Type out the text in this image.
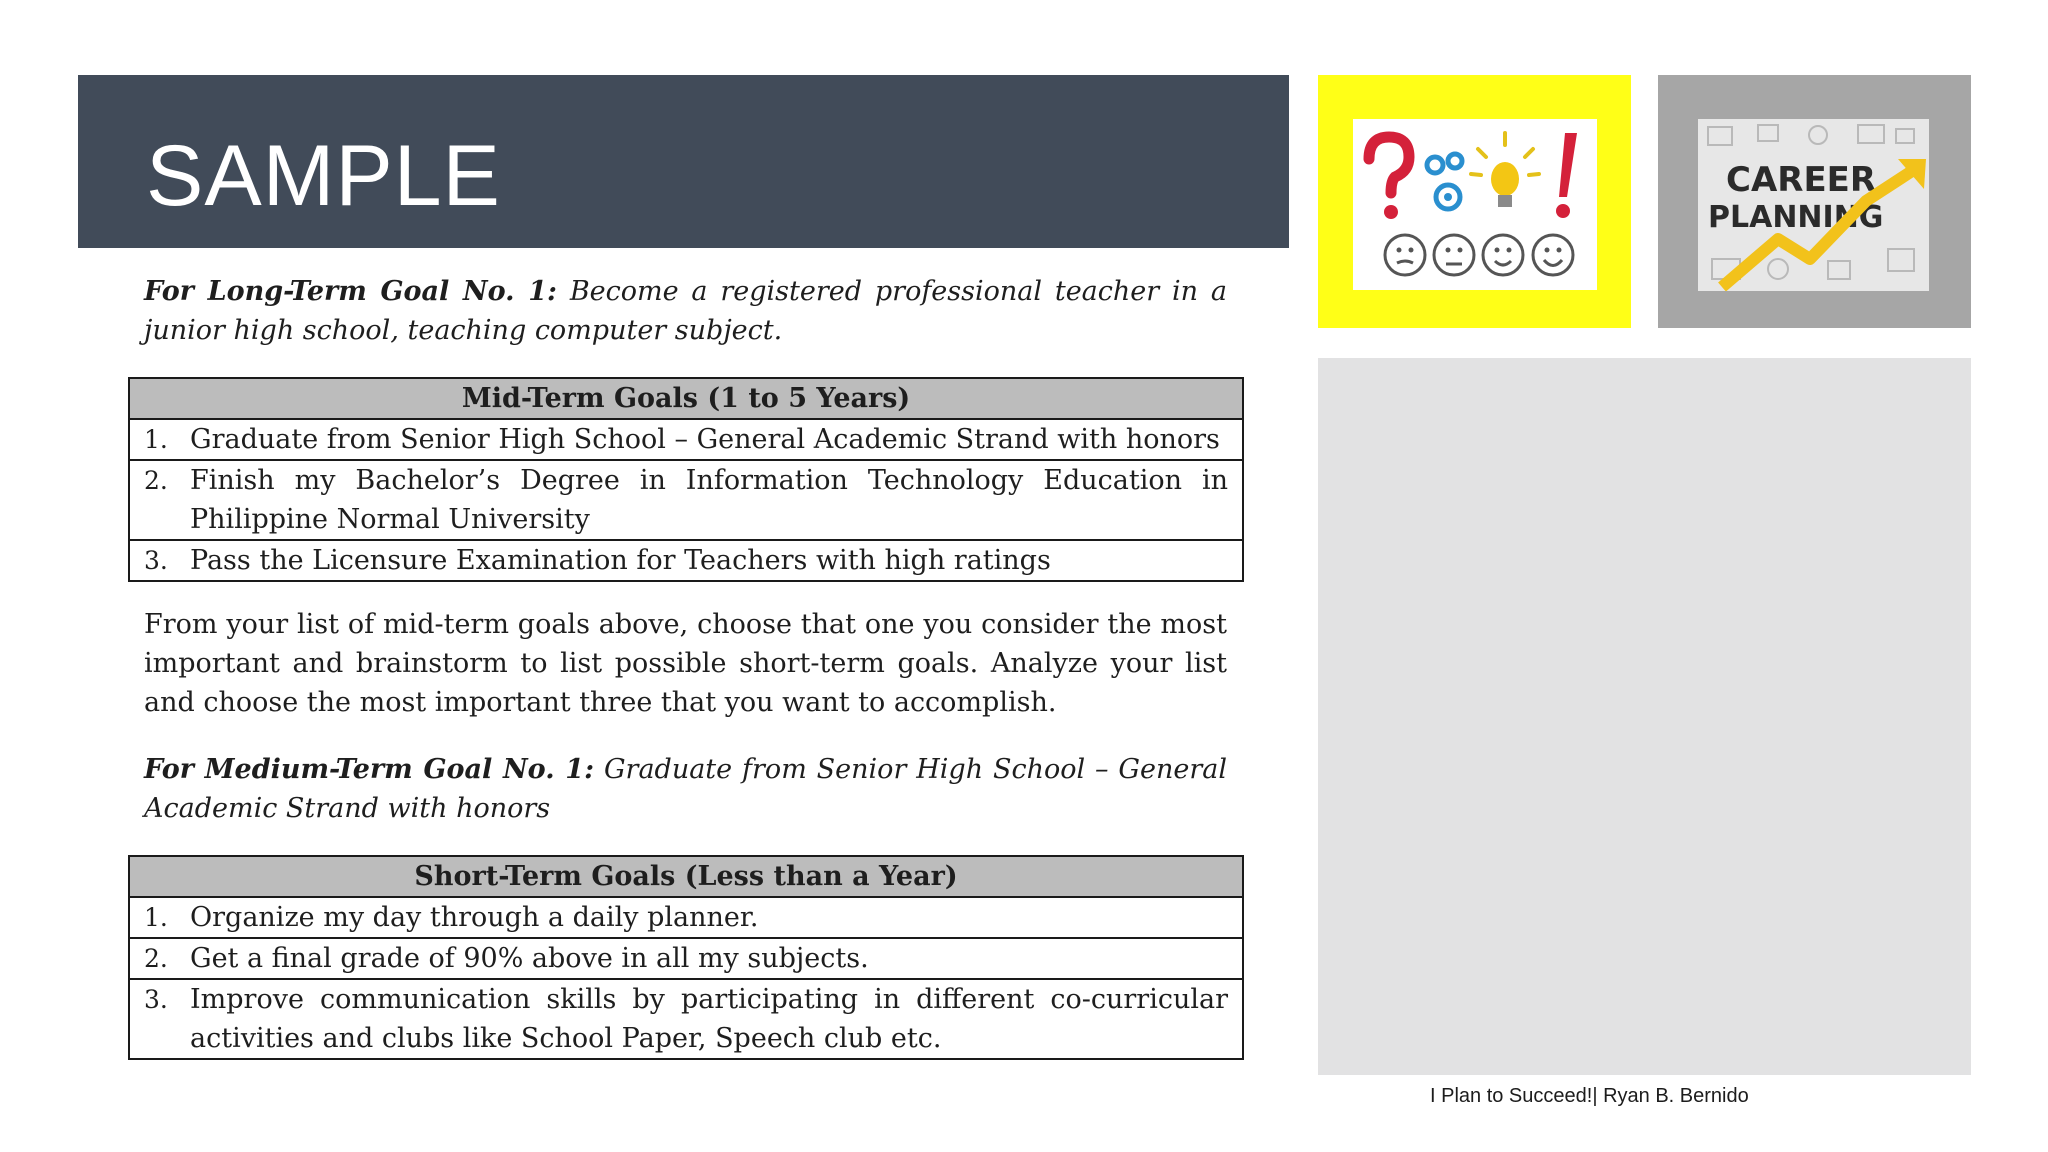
SAMPLE
For Long-Term Goal No. 1: Become a registered professional teacher in a junior high school, teaching computer subject.
Mid-Term Goals (1 to 5 Years)
1. Graduate from Senior High School – General Academic Strand with honors
2. Finish my Bachelor’s Degree in Information Technology Education in Philippine Normal University
3. Pass the Licensure Examination for Teachers with high ratings
From your list of mid-term goals above, choose that one you consider the most important and brainstorm to list possible short-term goals. Analyze your list and choose the most important three that you want to accomplish.
For Medium-Term Goal No. 1: Graduate from Senior High School – General Academic Strand with honors
Short-Term Goals (Less than a Year)
1. Organize my day through a daily planner.
2. Get a final grade of 90% above in all my subjects.
3. Improve communication skills by participating in different co-curricular activities and clubs like School Paper, Speech club etc.
CAREER
PLANNING
I Plan to Succeed!| Ryan B. Bernido
